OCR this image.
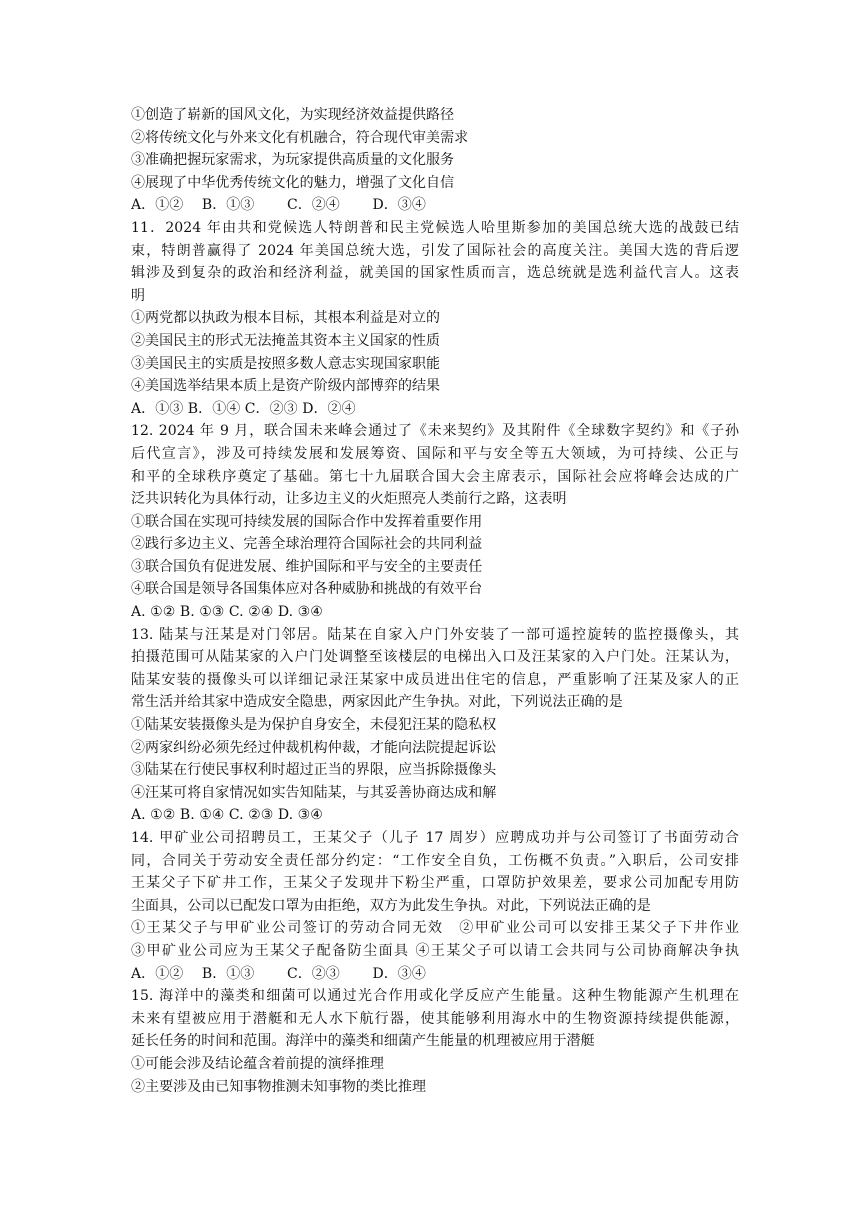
①创造了崭新的国风文化，为实现经济效益提供路径
②将传统文化与外来文化有机融合，符合现代审美需求
③准确把握玩家需求，为玩家提供高质量的文化服务
④展现了中华优秀传统文化的魅力，增强了文化自信
A．①②　 B．①③　　 C．②④　　 D．③④
11．2024 年由共和党候选人特朗普和民主党候选人哈里斯参加的美国总统大选的战鼓已结
束，特朗普赢得了 2024 年美国总统大选，引发了国际社会的高度关注。美国大选的背后逻
辑涉及到复杂的政治和经济利益，就美国的国家性质而言，选总统就是选利益代言人。这表
明
①两党都以执政为根本目标，其根本利益是对立的
②美国民主的形式无法掩盖其资本主义国家的性质
③美国民主的实质是按照多数人意志实现国家职能
④美国选举结果本质上是资产阶级内部博弈的结果
A．①③ B．①④ C．②③ D．②④
12. 2024 年 9 月，联合国未来峰会通过了《未来契约》及其附件《全球数字契约》和《子孙
后代宣言》，涉及可持续发展和发展筹资、国际和平与安全等五大领域，为可持续、公正与
和平的全球秩序奠定了基础。第七十九届联合国大会主席表示，国际社会应将峰会达成的广
泛共识转化为具体行动，让多边主义的火炬照亮人类前行之路，这表明
①联合国在实现可持续发展的国际合作中发挥着重要作用
②践行多边主义、完善全球治理符合国际社会的共同利益
③联合国负有促进发展、维护国际和平与安全的主要责任
④联合国是领导各国集体应对各种威胁和挑战的有效平台
A. ①② B. ①③ C. ②④ D. ③④
13. 陆某与汪某是对门邻居。陆某在自家入户门外安装了一部可遥控旋转的监控摄像头，其
拍摄范围可从陆某家的入户门处调整至该楼层的电梯出入口及汪某家的入户门处。汪某认为，
陆某安装的摄像头可以详细记录汪某家中成员进出住宅的信息，严重影响了汪某及家人的正
常生活并给其家中造成安全隐患，两家因此产生争执。对此，下列说法正确的是
①陆某安装摄像头是为保护自身安全，未侵犯汪某的隐私权
②两家纠纷必须先经过仲裁机构仲裁，才能向法院提起诉讼
③陆某在行使民事权利时超过正当的界限，应当拆除摄像头
④汪某可将自家情况如实告知陆某，与其妥善协商达成和解
A. ①② B. ①④ C. ②③ D. ③④
14. 甲矿业公司招聘员工，王某父子（儿子 17 周岁）应聘成功并与公司签订了书面劳动合
同，合同关于劳动安全责任部分约定：“工作安全自负，工伤概不负责。”入职后，公司安排
王某父子下矿井工作，王某父子发现井下粉尘严重，口罩防护效果差，要求公司加配专用防
尘面具，公司以已配发口罩为由拒绝，双方为此发生争执。对此，下列说法正确的是
①王某父子与甲矿业公司签订的劳动合同无效　②甲矿业公司可以安排王某父子下井作业
③甲矿业公司应为王某父子配备防尘面具 ④王某父子可以请工会共同与公司协商解决争执
A．①②　 B．①③　　 C．②③　　 D．③④
15. 海洋中的藻类和细菌可以通过光合作用或化学反应产生能量。这种生物能源产生机理在
未来有望被应用于潜艇和无人水下航行器，使其能够利用海水中的生物资源持续提供能源，
延长任务的时间和范围。海洋中的藻类和细菌产生能量的机理被应用于潜艇
①可能会涉及结论蕴含着前提的演绎推理
②主要涉及由已知事物推测未知事物的类比推理
